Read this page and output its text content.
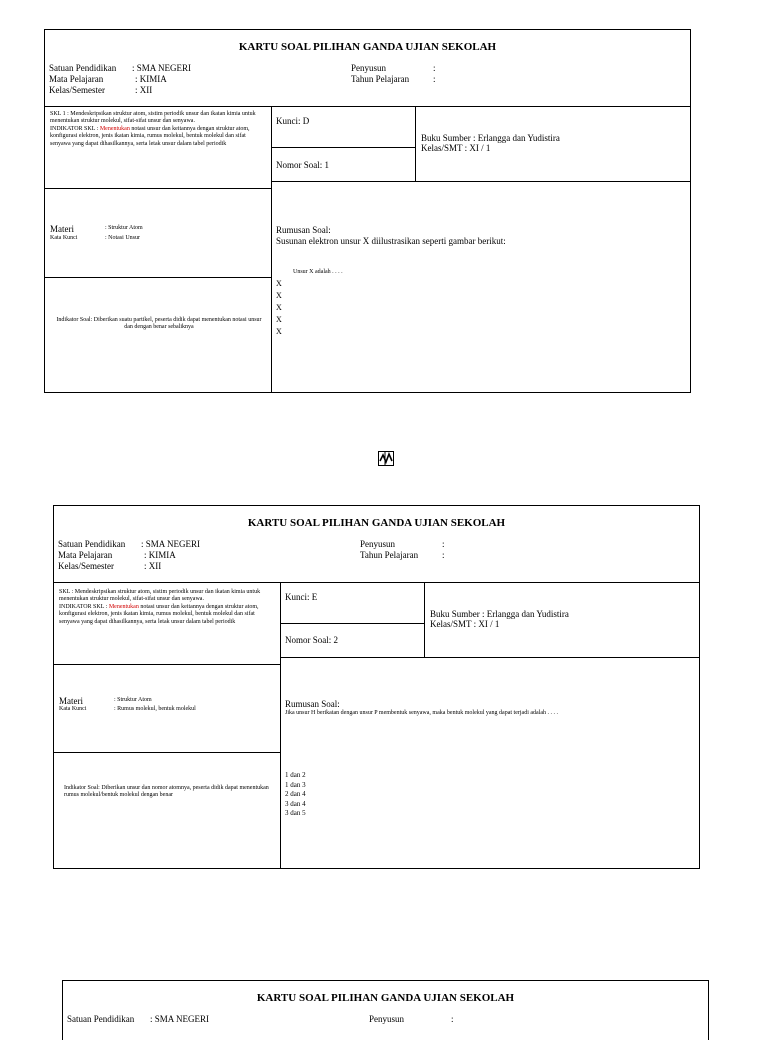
KARTU SOAL PILIHAN GANDA UJIAN SEKOLAH
Satuan Pendidikan : SMA NEGERI
Mata Pelajaran	: KIMIA
Kelas/Semester	: XII
Penyusun	:
Tahun Pelajaran	:
SKL 1 : Mendeskripsikan struktur atom, sistim periodik unsur dan ikatan kimia untuk menentukan struktur molekul, sifat-sifat unsur dan senyawa.
INDIKATOR SKL : Menentukan notasi unsur dan keitannya dengan struktur atom, konfigurasi elektron, jenis ikatan kimia, rumus molekul, bentuk molekul dan sifat senyawa yang dapat dihasilkannya, serta letak unsur dalam tabel periodik
Kunci: D
Nomor Soal: 1
Buku Sumber : Erlangga dan Yudistira
Kelas/SMT : XI / 1
Materi	: Struktur Atom
Kata Kunci	: Notasi Unsur
Indikator Soal: Diberikan suatu partikel, peserta didik dapat menentukan notasi unsur dan dengan benar sebaliknya
Rumusan Soal:
Susunan elektron unsur X diilustrasikan seperti gambar berikut:
Unsur X adalah . . . .
X
X
X
X
X
KARTU SOAL PILIHAN GANDA UJIAN SEKOLAH
Satuan Pendidikan : SMA NEGERI
Mata Pelajaran	: KIMIA
Kelas/Semester	: XII
Penyusun	:
Tahun Pelajaran	:
SKL : Mendeskripsikan struktur atom, sistim periodik unsur dan ikatan kimia untuk menentukan struktur molekul, sifat-sifat unsur dan senyawa.
INDIKATOR SKL : Menentukan notasi unsur dan keitannya dengan struktur atom, konfigurasi elektron, jenis ikatan kimia, rumus molekul, bentuk molekul dan sifat senyawa yang dapat dihasilkannya, serta letak unsur dalam tabel periodik
Kunci: E
Nomor Soal: 2
Buku Sumber : Erlangga dan Yudistira
Kelas/SMT : XI / 1
Materi	: Struktur Atom
Kata Kunci	: Rumus molekul, bentuk molekul
Indikator Soal: Diberikan unsur dan nomor atomnya, peserta didik dapat menentukan rumus molekul/bentuk molekul dengan benar
Rumusan Soal:
Jika unsur H berikatan dengan unsur P membentuk senyawa, maka bentuk molekul yang dapat terjadi adalah . . . .
1 dan 2
1 dan 3
2 dan 4
3 dan 4
3 dan 5
KARTU SOAL PILIHAN GANDA UJIAN SEKOLAH
Satuan Pendidikan : SMA NEGERI	Penyusun	:
